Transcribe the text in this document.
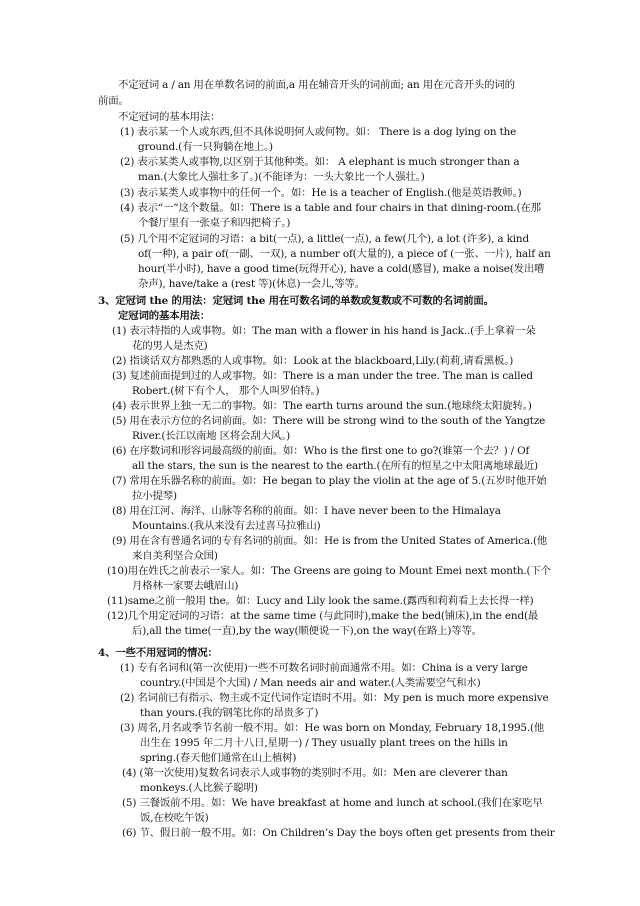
不定冠词 a / an 用在单数名词的前面,a 用在辅音开头的词前面; an 用在元音开头的词的
前面。
不定冠词的基本用法：
(1) 表示某一个人或东西,但不具体说明何人或何物。如： There is a dog lying on the
ground.(有一只狗躺在地上。)
(2) 表示某类人或事物,以区别于其他种类。如： A elephant is much stronger than a
man.(大象比人强壮多了。)(不能译为：一头大象比一个人强壮。)
(3) 表示某类人或事物中的任何一个。如：He is a teacher of English.(他是英语教师。)
(4) 表示“一”这个数量。如：There is a table and four chairs in that dining-room.(在那
个餐厅里有一张桌子和四把椅子。)
(5) 几个用不定冠词的习语：a bit(一点), a little(一点), a few(几个), a lot (许多), a kind
of(一种), a pair of(一副、一双), a number of(大量的), a piece of (一张、一片), half an
hour(半小时), have a good time(玩得开心), have a cold(感冒), make a noise(发出嘈
杂声), have/take a (rest 等)(休息)一会儿,等等。
3、定冠词 the 的用法：定冠词 the 用在可数名词的单数或复数或不可数的名词前面。
定冠词的基本用法：
(1) 表示特指的人或事物。如：The man with a flower in his hand is Jack..(手上拿着一朵
花的男人是杰克)
(2) 指谈话双方都熟悉的人或事物。如：Look at the blackboard,Lily.(莉莉,请看黑板。)
(3) 复述前面提到过的人或事物。如：There is a man under the tree. The man is called
Robert.(树下有个人， 那个人叫罗伯特。)
(4) 表示世界上独一无二的事物。如：The earth turns around the sun.(地球绕太阳旋转。)
(5) 用在表示方位的名词前面。如：There will be strong wind to the south of the Yangtze
River.(长江以南地 区将会刮大风。)
(6) 在序数词和形容词最高级的前面。如：Who is the first one to go?(谁第一个去？) / Of
all the stars, the sun is the nearest to the earth.(在所有的恒星之中太阳离地球最近)
(7) 常用在乐器名称的前面。如：He began to play the violin at the age of 5.(五岁时他开始
拉小提琴)
(8) 用在江河、海洋、山脉等名称的前面。如：I have never been to the Himalaya
Mountains.(我从来没有去过喜马拉雅山)
(9) 用在含有普通名词的专有名词的前面。如：He is from the United States of America.(他
来自美利坚合众国)
(10)用在姓氏之前表示一家人。如：The Greens are going to Mount Emei next month.(下个
月格林一家要去峨眉山)
(11)same之前一般用 the。如：Lucy and Lily look the same.(露西和莉莉看上去长得一样)
(12)几个用定冠词的习语：at the same time (与此同时),make the bed(铺床),in the end(最
后),all the time(一直),by the way(顺便说一下),on the way(在路上)等等。
4、一些不用冠词的情况：
(1) 专有名词和(第一次使用)一些不可数名词时前面通常不用。如：China is a very large
country.(中国是个大国) / Man needs air and water.(人类需要空气和水)
(2) 名词前已有指示、物主或不定代词作定语时不用。如：My pen is much more expensive
than yours.(我的钢笔比你的昂贵多了)
(3) 周名,月名或季节名前一般不用。如：He was born on Monday, February 18,1995.(他
出生在 1995 年二月十八日,星期一) / They usually plant trees on the hills in
spring.(春天他们通常在山上植树)
(4) (第一次使用)复数名词表示人或事物的类别时不用。如：Men are cleverer than
monkeys.(人比猴子聪明)
(5) 三餐饭前不用。如：We have breakfast at home and lunch at school.(我们在家吃早
饭,在校吃午饭)
(6) 节、假日前一般不用。如：On Children’s Day the boys often get presents from their
